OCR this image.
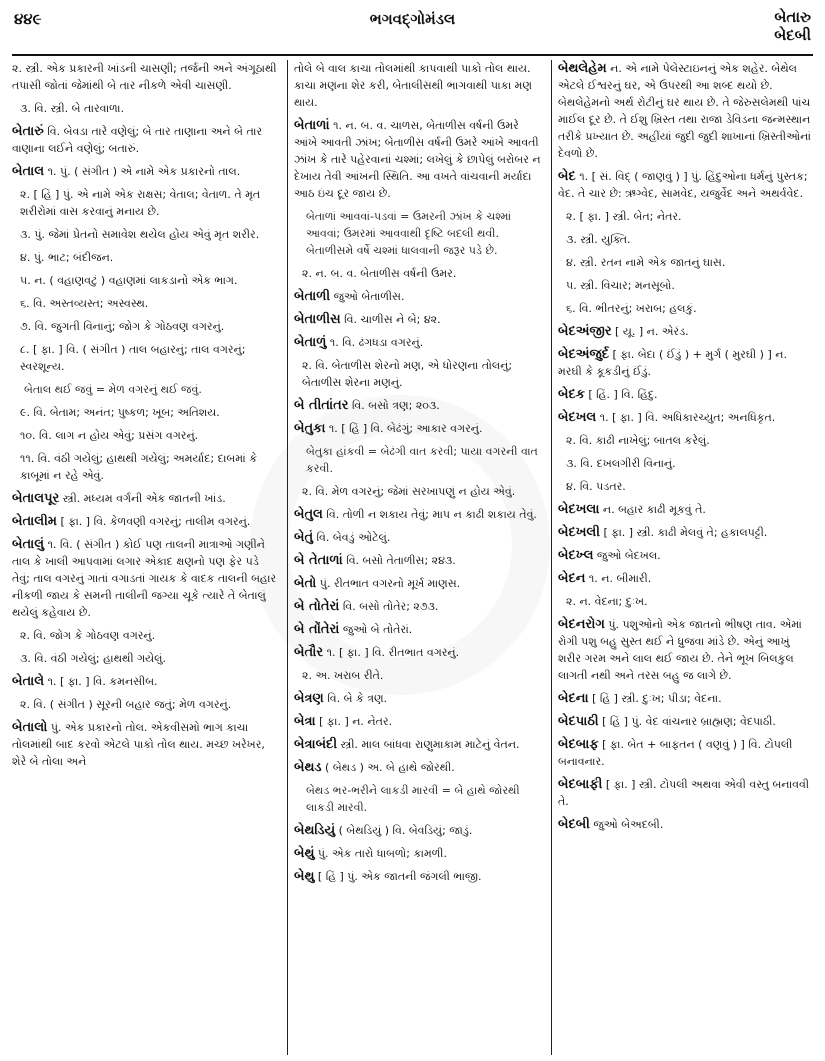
૪૪૯	ભગવદ્ગોમંડલ	બેતારુ
બેદબી

૨. સ્ત્રી. એક પ્રકારની ખાંડની ચાસણી; તર્જની અને અંગૂઠાથી તપાસી જોતાં જેમાંથી બે તાર નીકળે એવી ચાસણી.

૩. વિ. સ્ત્રી. બે તારવાળા.

બેતારું વિ. બેવડા તારે વણેલું; બે તાર તાણાના અને બે તાર વાણાના લઈને વણેલું; બતારું.

બેતાલ ૧. પું. ( સંગીત ) એ નામે એક પ્રકારનો તાલ.

૨. [ હિં ] પું. એ નામે એક રાક્ષસ; વેતાલ; વેતાળ. તે મૃત શરીરોમાં વાસ કરવાનું મનાય છે.

૩. પું. જેમાં પ્રેતનો સમાવેશ થયેલ હોય એવું મૃત શરીર.

૪. પું. ભાટ; બંદીજન.

૫. ન. ( વહાણવટું ) વહાણમાં લાકડાનો એક ભાગ.

૬. વિ. અસ્તવ્યસ્ત; અસ્વસ્થ.

૭. વિ. જુગતી વિનાનું; જોગ કે ગોઠવણ વગરનું.

૮. [ ફા. ] વિ. ( સંગીત ) તાલ બહારનું; તાલ વગરનું; સ્વરશૂન્ય.

બેતાલ થઈ જવું = મેળ વગરનું થઈ જવું.

૯. વિ. બેતામ; અનંત; પુષ્કળ; ખૂબ; અતિશય.

૧૦. વિ. લાગ ન હોય એવું; પ્રસંગ વગરનું.

૧૧. વિ. વંઠી ગયેલું; હાથથી ગયેલું; અમર્યાદ; દાબમાં કે કાબૂમાં ન રહે એવું.

બેતાલપૂર સ્ત્રી. મધ્યમ વર્ગની એક જાતની ખાંડ.

બેતાલીમ [ ફા. ] વિ. કેળવણી વગરનું; તાલીમ વગરનું.

બેતાલું ૧. વિ. ( સંગીત ) કોઈ પણ તાલની માત્રાઓ ગણીને તાલ કે ખાલી આપવામાં લગાર એકાદ ક્ષણનો પણ ફેર પડે તેવું; તાલ વગરનું ગાતાં વગાડતાં ગાયક કે વાદક તાલની બહાર નીકળી જાય કે સમની તાલીની જગ્યા ચૂકે ત્યારે તે બેતાલું થયેલું કહેવાય છે.

૨. વિ. જોગ કે ગોઠવણ વગરનું.

૩. વિ. વંઠી ગયેલું; હાથથી ગયેલું.

બેતાલે ૧. [ ફા. ] વિ. કમનસીબ.

૨. વિ. ( સંગીત ) સૂરની બહાર જતું; મેળ વગરનું.

બેતાલો પું. એક પ્રકારનો તોલ. એકવીસમો ભાગ કાચા તોલમાંથી બાદ કરવો એટલે પાકો તોલ થાય. મચ્છ ખરેખર, શેરે બે તોલા અને

તોલે બે વાલ કાચા તોલમાંથી કાપવાથી પાકો તોલ થાય. કાચા મણના શેર કરી, બેતાલીસથી ભાગવાથી પાકા મણ થાય.

બેતાળાં ૧. ન. બ. વ. ચાળસ, બેતાળીસ વર્ષની ઉમરે આંખે આવતી ઝાંખ; બેતાળીસ વર્ષની ઉમરે આંખે આવતી ઝાંખ કે તારે પહેરવાનાં ચશ્માં; લખેલું કે છાપેલું બરોબર ન દેખાય તેવી આંખની સ્થિતિ. આ વખતે વાંચવાની મર્યાદા આઠ ઇંચ દૂર જાય છે.

બેતાળાં આવવાં-પડવાં = ઉમરની ઝાંખ કે ચશ્માં આવવાં; ઉમરમાં આવવાથી દૃષ્ટિ બદલી થવી. બેતાળીસમે વર્ષે ચશ્માં ધાલવાની જરૂર પડે છે.

૨. ન. બ. વ. બેતાળીસ વર્ષની ઉમર.

બેતાળી જુઓ બેતાળીસ.

બેતાળીસ વિ. ચાળીસ ને બે; ૪૨.

બેતાળું ૧. વિ. ઢંગધડા વગરનું.

૨. વિ. બેતાળીસ શેરનો મણ, એ ધોરણના તોલનું; બેતાળીસ શેરના મણનું.

બે તીતાંતર વિ. બસો ત્રણ; ૨૦૩.

બેતુકા ૧. [ હિં ] વિ. બેઢંગું; આકાર વગરનું.

બેતુકા હાંકવી = બેઢંગી વાત કરવી; પાયા વગરની વાત કરવી.

૨. વિ. મેળ વગરનું; જેમાં સરખાપણું ન હોય એવું.

બેતુલ વિ. તોળી ન શકાય તેવું; માપ ન કાઢી શકાય તેવું.

બેતું વિ. બેવડું ઓટેલું.

બે તેતાળાં વિ. બસો તેતાળીસ; ૨૪૩.

બેતો પું. રીતભાત વગરનો મૂર્ખ માણસ.

બે તોતેરાં વિ. બસો તોતેર; ૨૭૩.

બે તોંતેરાં જુઓ બે તોતેરાં.

બેતૌર ૧. [ ફા. ] વિ. રીતભાત વગરનું.

૨. અ. ખરાબ રીતે.

બેત્રણ વિ. બે કે ત્રણ.

બેત્રા [ ફા. ] ન. નેતર.

બેત્રાબંદી સ્ત્રી. માલ બાંધવા રાણુમાકામ માટેનું વેતન.

બેથડ ( બેથડ ) અ. બે હાથે જોરથી.

બેથડ ભર-ભરીને લાકડી મારવી = બે હાથે જોરથી લાકડી મારવી.

બેથડિયું ( બેથડિયું ) વિ. બેવડિયું; જાડું.

બેથું પું. એક તારો ધાબળો; કામળી.

બેથુ [ હિં ] પું. એક જાતની જંગલી ભાજી.

બેથલેહેમ ન. એ નામે પેલેસ્ટાઇનનું એક શહેર. બેથેલ એટલે ઈશ્વરનું ઘર, એ ઉપરથી આ શબ્દ થયો છે. બેથલેહેમનો અર્થ રોટીનું ઘર થાય છે. તે જેરુસલેમથી પાંચ માઈલ દૂર છે. તે ઈશુ ખ્રિસ્ત તથા રાજા ડેવિડના જન્મસ્થાન તરીકે પ્રખ્યાત છે. અહીંયાં જુદી જુદી શાખાનાં ખ્રિસ્તીઓનાં દેવળો છે.

બેદ ૧. [ સં. વિદ્ ( જાણવું ) ] પું. હિંદુઓના ધર્મનું પુસ્તક; વેદ. તે ચાર છે: ઋગ્વેદ, સામવેદ, યજુર્વેદ અને અથર્વવેદ.

૨. [ ફા. ] સ્ત્રી. બેત; નેતર.

૩. સ્ત્રી. યુક્તિ.

૪. સ્ત્રી. રતન નામે એક જાતનું ઘાસ.

૫. સ્ત્રી. વિચાર; મનસૂબો.

૬. વિ. ભીતરનું; ખરાબ; હલકું.

બેદઅંજીર [ યૂ. ] ન. એરંડ.

બેદઅંજુર્દ [ ફા. બેદા ( ઈંડું ) + મુર્ગ ( મુરઘી ) ] ન. મરઘી કે કૂકડીનું ઈંડું.

બેદક [ હિં. ] વિ. હિંદુ.

બેદખલ ૧. [ ફા. ] વિ. અધિકારચ્યુત; અનધિકૃત.

૨. વિ. કાઢી નાખેલું; બાતલ કરેલું.

૩. વિ. દખલગીરી વિનાનું.

૪. વિ. પડતર.

બેદખલા ન. બહાર કાઢી મૂકવું તે.

બેદખલી [ ફા. ] સ્ત્રી. કાઢી મેલવું તે; હકાલપટ્ટી.

બેદખ્લ જુઓ બેદખલ.

બેદન ૧. ન. બીમારી.

૨. ન. વેદના; દુઃખ.

બેદનરોગ પું. પશુઓનો એક જાતનો ભીષણ તાવ. એમાં રોગી પશુ બહુ સુસ્ત થઈ ને ધ્રુજવા માંડે છે. એનું આખું શરીર ગરમ અને લાલ થઈ જાય છે. તેને ભૂખ બિલકુલ લાગતી નથી અને તરસ બહુ જ લાગે છે.

બેદના [ હિં ] સ્ત્રી. દુઃખ; પીડા; વેદના.

બેદપાઠી [ હિં ] પું. વેદ વાંચનાર બ્રાહ્મણ; વેદપાઠી.

બેદબાફ [ ફા. બેત + બાફતન ( વણવું ) ] વિ. ટોપલી બનાવનાર.

બેદબાફી [ ફા. ] સ્ત્રી. ટોપલી અથવા એવી વસ્તુ બનાવવી તે.

બેદબી જુઓ બેઅદબી.
